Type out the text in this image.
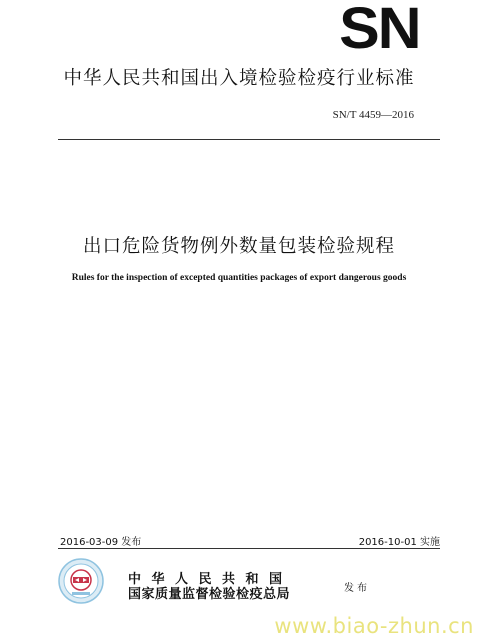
SN
中华人民共和国出入境检验检疫行业标准
SN/T 4459—2016
出口危险货物例外数量包装检验规程
Rules for the inspection of excepted quantities packages of export dangerous goods
2016-03-09 发布	2016-10-01 实施
中华人民共和国
国家质量监督检验检疫总局	发布
www.biao-zhun.cn
